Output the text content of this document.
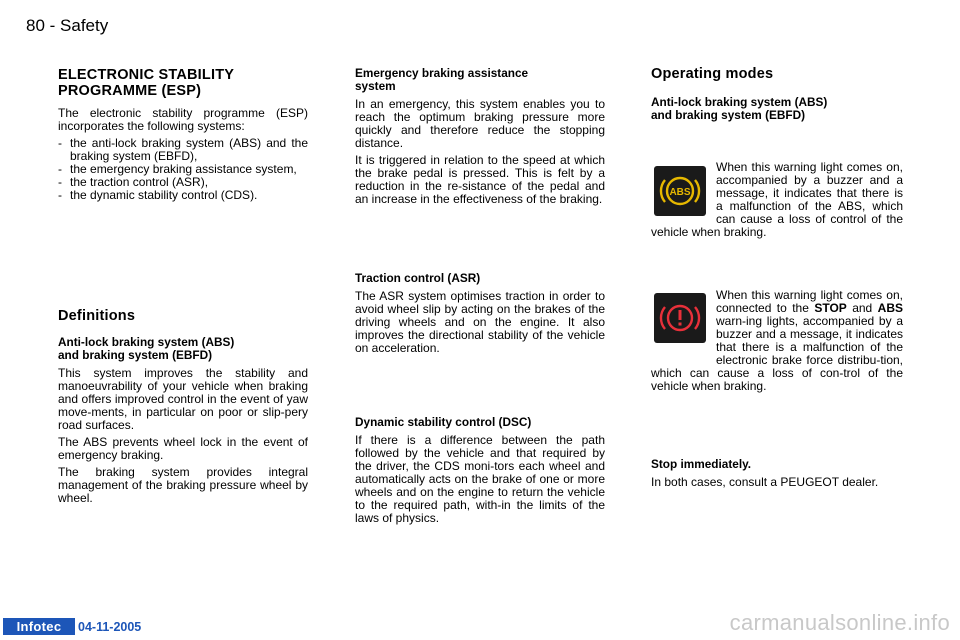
80 - Safety
ELECTRONIC STABILITY
PROGRAMME (ESP)

The electronic stability programme (ESP) incorporates the following systems:

- the anti-lock braking system (ABS) and the braking system (EBFD),
- the emergency braking assistance system,
- the traction control (ASR),
- the dynamic stability control (CDS).
Definitions
Anti-lock braking system (ABS)
and braking system (EBFD)

This system improves the stability and manoeuvrability of your vehicle when braking and offers improved control in the event of yaw move-ments, in particular on poor or slip-pery road surfaces.

The ABS prevents wheel lock in the event of emergency braking.

The braking system provides integral management of the braking pressure wheel by wheel.

Emergency braking assistance
system

In an emergency, this system enables you to reach the optimum braking pressure more quickly and therefore reduce the stopping distance.

It is triggered in relation to the speed at which the brake pedal is pressed. This is felt by a reduction in the re-sistance of the pedal and an increase in the effectiveness of the braking.

Traction control (ASR)

The ASR system optimises traction in order to avoid wheel slip by acting on the brakes of the driving wheels and on the engine. It also improves the directional stability of the vehicle on acceleration.

Dynamic stability control (DSC)

If there is a difference between the path followed by the vehicle and that required by the driver, the CDS moni-tors each wheel and automatically acts on the brake of one or more wheels and on the engine to return the vehicle to the required path, with-in the limits of the laws of physics.

Operating modes
Anti-lock braking system (ABS)
and braking system (EBFD)
ABS

When this warning light comes on, accompanied by a buzzer and a message, it indicates that there is a malfunction of the ABS, which can cause a loss of control of the vehicle when braking.

When this warning light comes on, connected to the STOP and ABS warn-ing lights, accompanied by a buzzer and a message, it indicates that there is a malfunction of the electronic brake force distribu-tion, which can cause a loss of con-trol of the vehicle when braking.

Stop immediately.

In both cases, consult a PEUGEOT dealer.

Infotec	04-11-2005	carmanualsonline.info
